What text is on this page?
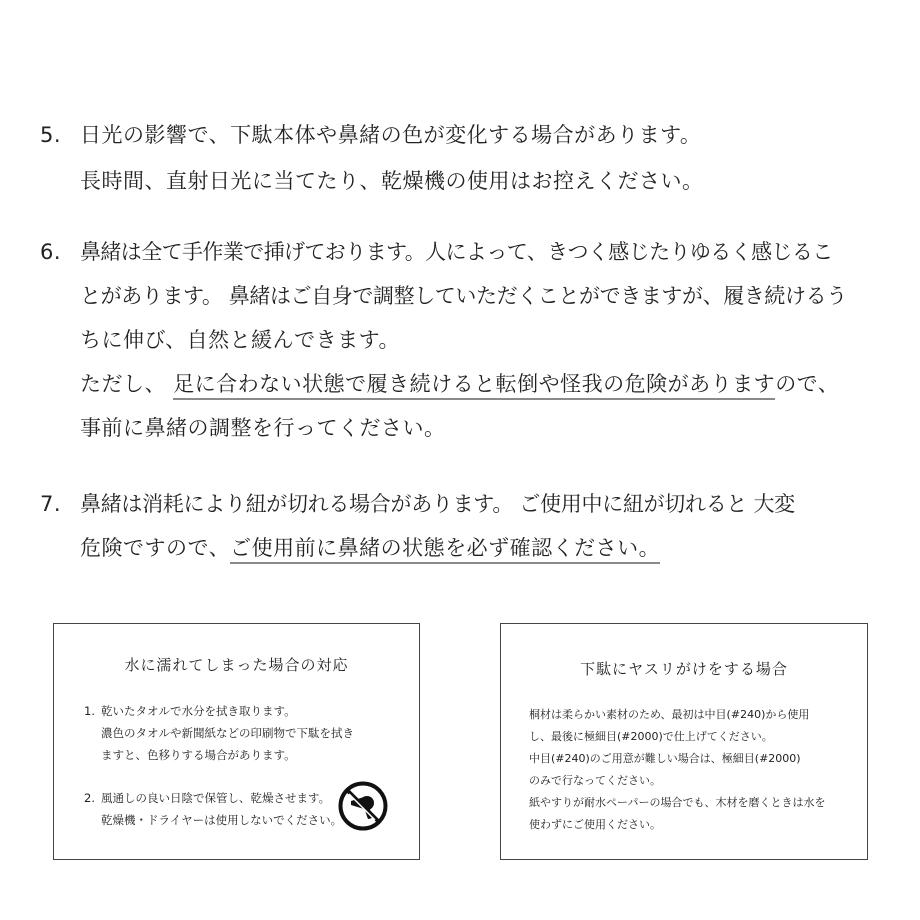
5. 日光の影響で、下駄本体や鼻緒の色が変化する場合があります。
長時間、直射日光に当てたり、乾燥機の使用はお控えください。
6. 鼻緒は全て手作業で挿げております。人によって、きつく感じたりゆるく感じるこ
とがあります。 鼻緒はご自身で調整していただくことができますが、履き続けるう
ちに伸び、自然と緩んできます。
ただし、 足に合わない状態で履き続けると転倒や怪我の危険がありますので、
事前に鼻緒の調整を行ってください。
7. 鼻緒は消耗により紐が切れる場合があります。 ご使用中に紐が切れると 大変
危険ですので、ご使用前に鼻緒の状態を必ず確認ください。
水に濡れてしまった場合の対応
1. 乾いたタオルで水分を拭き取ります。
濃色のタオルや新聞紙などの印刷物で下駄を拭き
ますと、色移りする場合があります。
2. 風通しの良い日陰で保管し、乾燥させます。
乾燥機・ドライヤーは使用しないでください。
下駄にヤスリがけをする場合
桐材は柔らかい素材のため、最初は中目(#240)から使用
し、最後に極細目(#2000)で仕上げてください。
中目(#240)のご用意が難しい場合は、極細目(#2000)
のみで行なってください。
紙やすりが耐水ペーパーの場合でも、木材を磨くときは水を
使わずにご使用ください。
